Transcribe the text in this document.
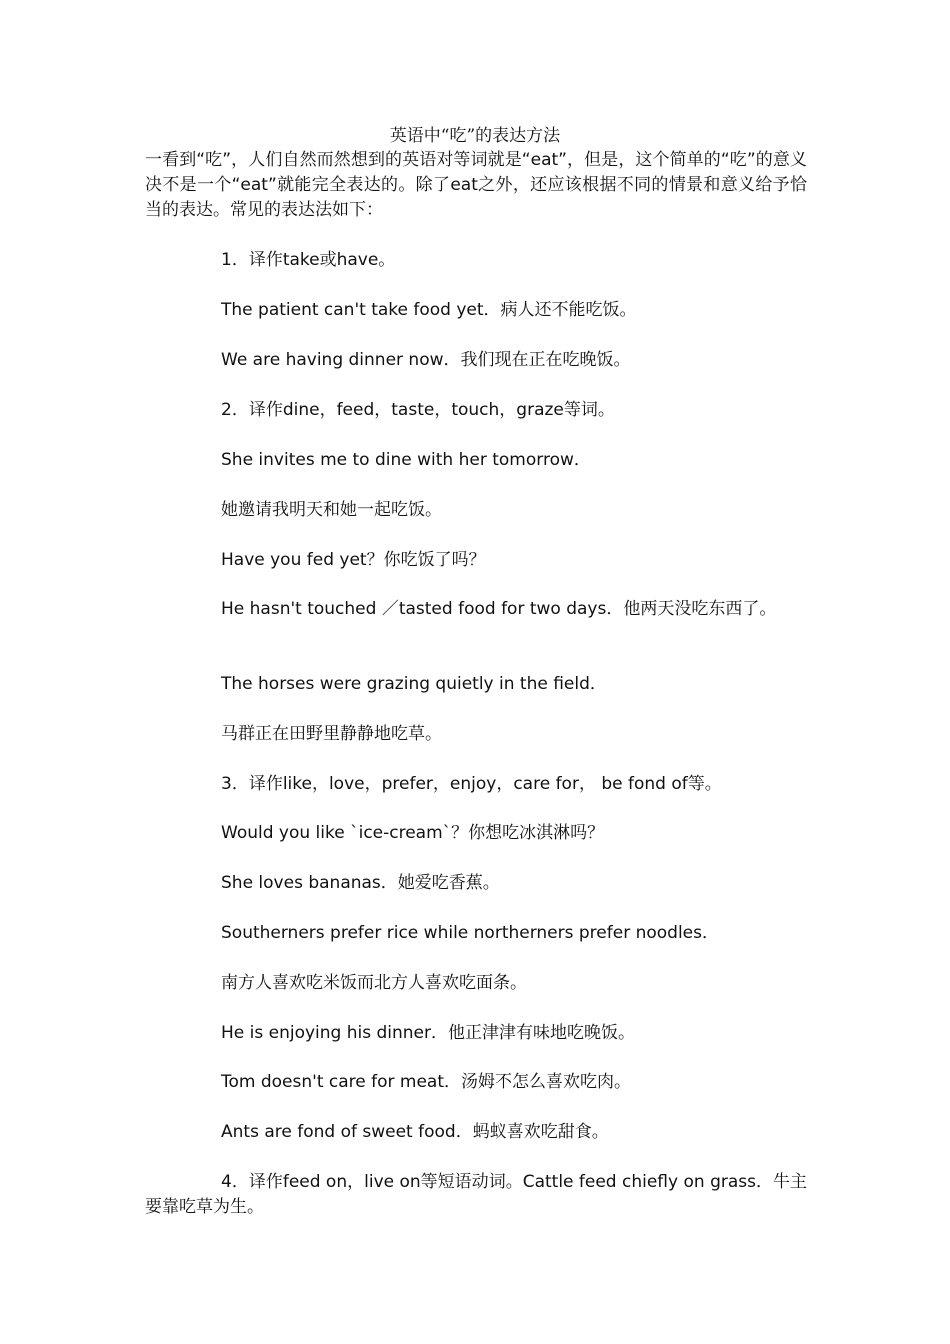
英语中“吃”的表达方法
一看到“吃”，人们自然而然想到的英语对等词就是“eat”，但是，这个简单的“吃”的意义决不是一个“eat”就能完全表达的。除了eat之外，还应该根据不同的情景和意义给予恰当的表达。常见的表达法如下：
1．译作take或have。
The patient can't take food yet．病人还不能吃饭。
We are having dinner now．我们现在正在吃晚饭。
2．译作dine，feed，taste，touch，graze等词。
She invites me to dine with her tomorrow．
她邀请我明天和她一起吃饭。
Have you fed yet？你吃饭了吗？
He hasn't touched ／tasted food for two days．他两天没吃东西了。
The horses were grazing quietly in the field．
马群正在田野里静静地吃草。
3．译作like，love，prefer，enjoy，care for， be fond of等。
Would you like `ice-cream`？你想吃冰淇淋吗？
She loves bananas．她爱吃香蕉。
Southerners prefer rice while northerners prefer noodles．
南方人喜欢吃米饭而北方人喜欢吃面条。
He is enjoying his dinner．他正津津有味地吃晚饭。
Tom doesn't care for meat．汤姆不怎么喜欢吃肉。
Ants are fond of sweet food．蚂蚁喜欢吃甜食。
4．译作feed on，live on等短语动词。Cattle feed chiefly on grass．牛主要靠吃草为生。
